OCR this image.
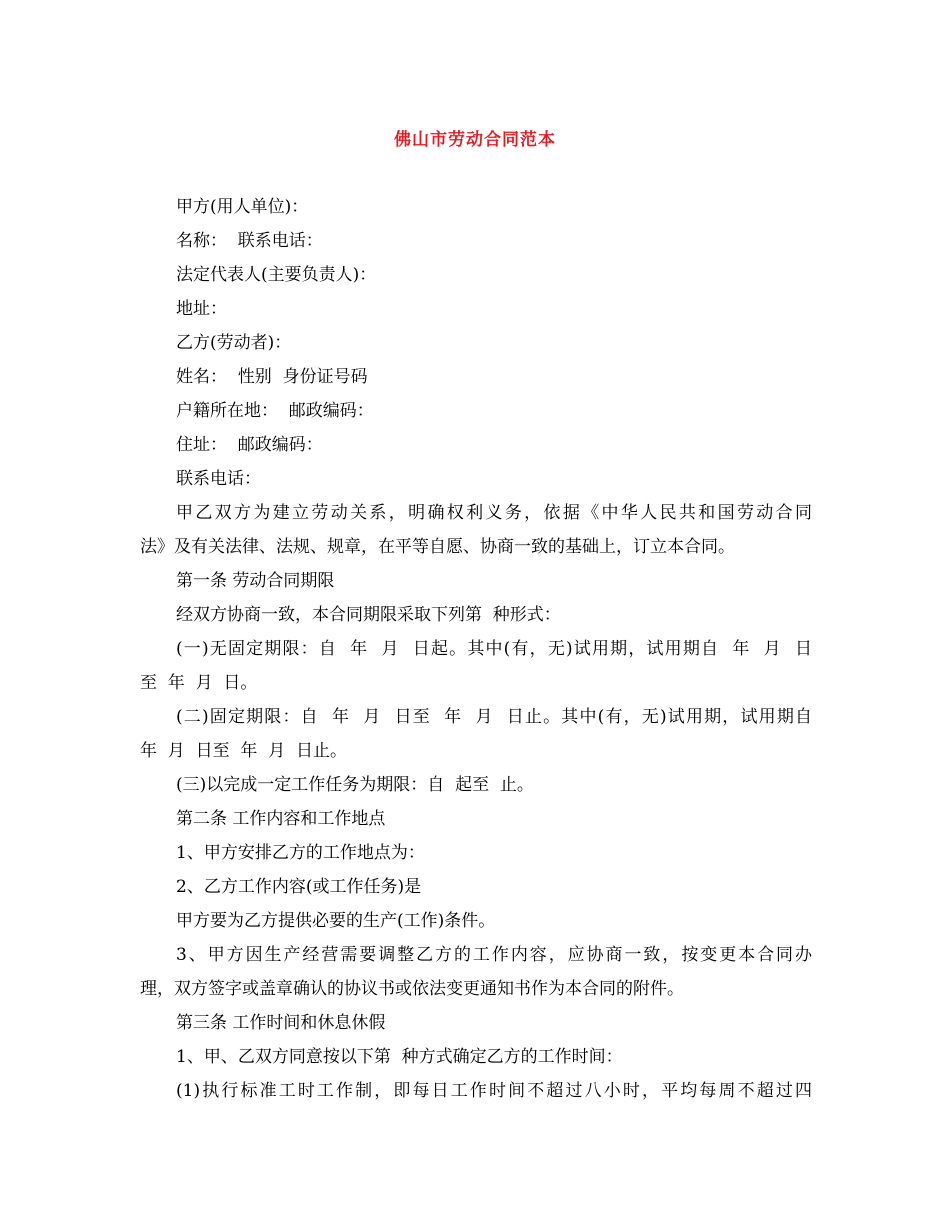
佛山市劳动合同范本
甲方(用人单位)：
名称：  联系电话：
法定代表人(主要负责人)：
地址：
乙方(劳动者)：
姓名：  性别  身份证号码
户籍所在地：  邮政编码：
住址：  邮政编码：
联系电话：
甲乙双方为建立劳动关系，明确权利义务，依据《中华人民共和国劳动合同
法》及有关法律、法规、规章，在平等自愿、协商一致的基础上，订立本合同。
第一条 劳动合同期限
经双方协商一致，本合同期限采取下列第  种形式：
(一)无固定期限：自  年  月  日起。其中(有，无)试用期，试用期自  年  月  日
至  年  月  日。
(二)固定期限：自  年  月  日至  年  月  日止。其中(有，无)试用期，试用期自
年  月  日至  年  月  日止。
(三)以完成一定工作任务为期限：自  起至  止。
第二条 工作内容和工作地点
1、甲方安排乙方的工作地点为：
2、乙方工作内容(或工作任务)是
甲方要为乙方提供必要的生产(工作)条件。
3、甲方因生产经营需要调整乙方的工作内容，应协商一致，按变更本合同办
理，双方签字或盖章确认的协议书或依法变更通知书作为本合同的附件。
第三条 工作时间和休息休假
1、甲、乙双方同意按以下第  种方式确定乙方的工作时间：
(1)执行标准工时工作制，即每日工作时间不超过八小时，平均每周不超过四
